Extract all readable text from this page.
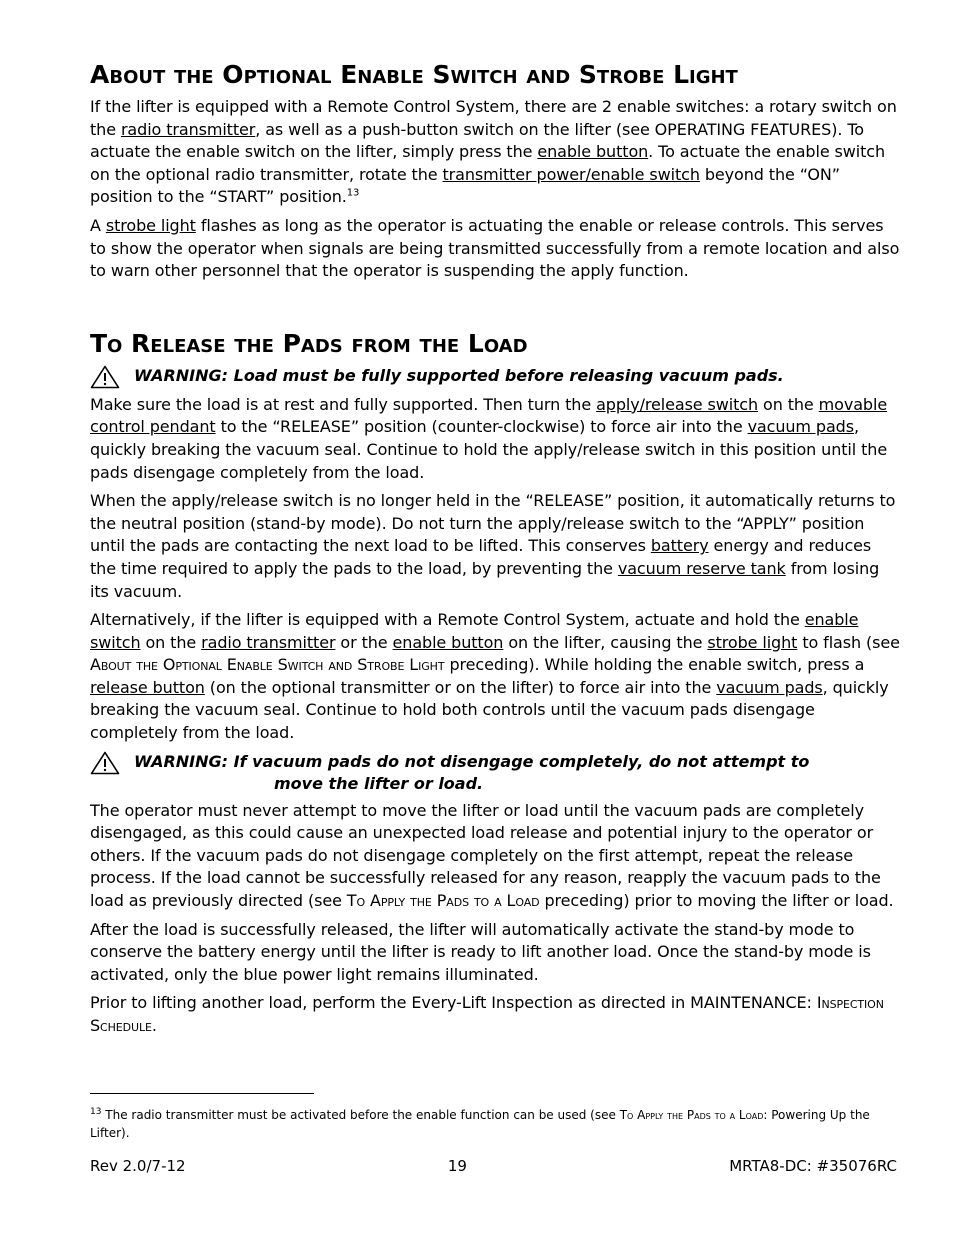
About the Optional Enable Switch and Strobe Light

If the lifter is equipped with a Remote Control System, there are 2 enable switches: a rotary switch on the radio transmitter, as well as a push-button switch on the lifter (see OPERATING FEATURES). To actuate the enable switch on the lifter, simply press the enable button. To actuate the enable switch on the optional radio transmitter, rotate the transmitter power/enable switch beyond the “ON” position to the “START” position.$^{13}$

A strobe light flashes as long as the operator is actuating the enable or release controls. This serves to show the operator when signals are being transmitted successfully from a remote location and also to warn other personnel that the operator is suspending the apply function.

To Release the Pads from the Load
WARNING: Load must be fully supported before releasing vacuum pads.

Make sure the load is at rest and fully supported. Then turn the apply/release switch on the movable control pendant to the “RELEASE” position (counter-clockwise) to force air into the vacuum pads, quickly breaking the vacuum seal. Continue to hold the apply/release switch in this position until the pads disengage completely from the load.

When the apply/release switch is no longer held in the “RELEASE” position, it automatically returns to the neutral position (stand-by mode). Do not turn the apply/release switch to the “APPLY” position until the pads are contacting the next load to be lifted. This conserves battery energy and reduces the time required to apply the pads to the load, by preventing the vacuum reserve tank from losing its vacuum.

Alternatively, if the lifter is equipped with a Remote Control System, actuate and hold the enable switch on the radio transmitter or the enable button on the lifter, causing the strobe light to flash (see About the Optional Enable Switch and Strobe Light preceding). While holding the enable switch, press a release button (on the optional transmitter or on the lifter) to force air into the vacuum pads, quickly breaking the vacuum seal. Continue to hold both controls until the vacuum pads disengage completely from the load.

WARNING: If vacuum pads do not disengage completely, do not attempt to
move the lifter or load.

The operator must never attempt to move the lifter or load until the vacuum pads are completely disengaged, as this could cause an unexpected load release and potential injury to the operator or others. If the vacuum pads do not disengage completely on the first attempt, repeat the release process. If the load cannot be successfully released for any reason, reapply the vacuum pads to the load as previously directed (see To Apply the Pads to a Load preceding) prior to moving the lifter or load.

After the load is successfully released, the lifter will automatically activate the stand-by mode to conserve the battery energy until the lifter is ready to lift another load. Once the stand-by mode is activated, only the blue power light remains illuminated.

Prior to lifting another load, perform the Every-Lift Inspection as directed in MAINTENANCE: Inspection Schedule.

$^{13}$ The radio transmitter must be activated before the enable function can be used (see To Apply the Pads to a Load: Powering Up the Lifter).
Rev 2.0/7-12	19	MRTA8-DC: #35076RC
